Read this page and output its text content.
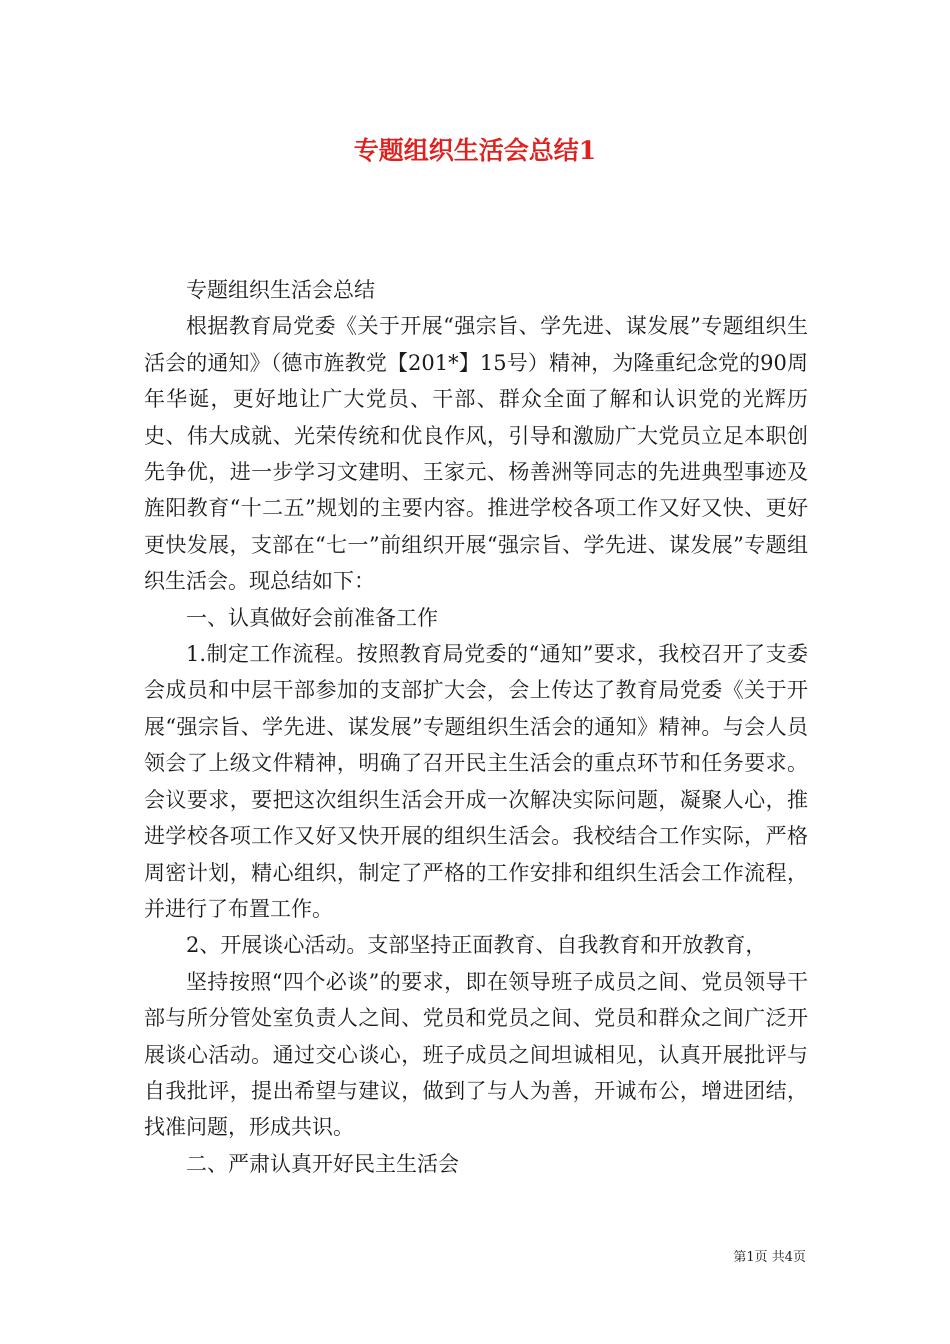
专题组织生活会总结1

专题组织生活会总结

根据教育局党委《关于开展“强宗旨、学先进、谋发展”专题组织生活会的通知》（德市旌教党【201*】15号）精神，为隆重纪念党的90周年华诞，更好地让广大党员、干部、群众全面了解和认识党的光辉历史、伟大成就、光荣传统和优良作风，引导和激励广大党员立足本职创先争优，进一步学习文建明、王家元、杨善洲等同志的先进典型事迹及旌阳教育“十二五”规划的主要内容。推进学校各项工作又好又快、更好更快发展，支部在“七一”前组织开展“强宗旨、学先进、谋发展”专题组织生活会。现总结如下：

一、认真做好会前准备工作

1.制定工作流程。按照教育局党委的“通知”要求，我校召开了支委会成员和中层干部参加的支部扩大会，会上传达了教育局党委《关于开展“强宗旨、学先进、谋发展”专题组织生活会的通知》精神。与会人员领会了上级文件精神，明确了召开民主生活会的重点环节和任务要求。会议要求，要把这次组织生活会开成一次解决实际问题，凝聚人心，推进学校各项工作又好又快开展的组织生活会。我校结合工作实际，严格周密计划，精心组织，制定了严格的工作安排和组织生活会工作流程，并进行了布置工作。

2、开展谈心活动。支部坚持正面教育、自我教育和开放教育，

坚持按照“四个必谈”的要求，即在领导班子成员之间、党员领导干部与所分管处室负责人之间、党员和党员之间、党员和群众之间广泛开展谈心活动。通过交心谈心，班子成员之间坦诚相见，认真开展批评与自我批评，提出希望与建议，做到了与人为善，开诚布公，增进团结，找准问题，形成共识。

二、严肃认真开好民主生活会

第1页 共4页
